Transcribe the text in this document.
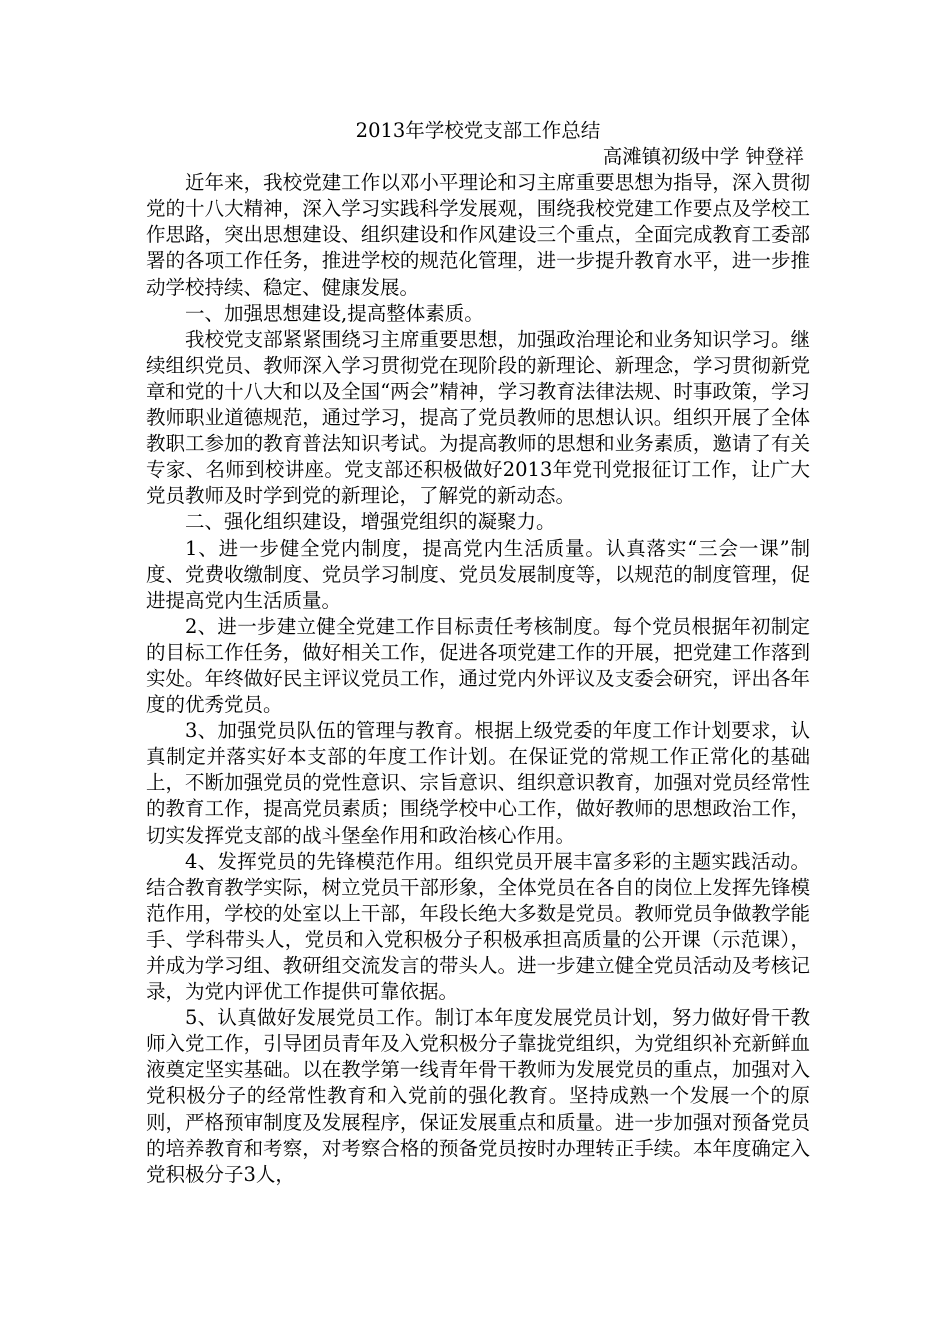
2013年学校党支部工作总结

高滩镇初级中学 钟登祥

近年来，我校党建工作以邓小平理论和习主席重要思想为指导，深入贯彻党的十八大精神，深入学习实践科学发展观，围绕我校党建工作要点及学校工作思路，突出思想建设、组织建设和作风建设三个重点，全面完成教育工委部署的各项工作任务，推进学校的规范化管理，进一步提升教育水平，进一步推动学校持续、稳定、健康发展。

一、加强思想建设,提高整体素质。

我校党支部紧紧围绕习主席重要思想，加强政治理论和业务知识学习。继续组织党员、教师深入学习贯彻党在现阶段的新理论、新理念，学习贯彻新党章和党的十八大和以及全国“两会”精神，学习教育法律法规、时事政策，学习教师职业道德规范，通过学习，提高了党员教师的思想认识。组织开展了全体教职工参加的教育普法知识考试。为提高教师的思想和业务素质，邀请了有关专家、名师到校讲座。党支部还积极做好2013年党刊党报征订工作，让广大党员教师及时学到党的新理论，了解党的新动态。

二、强化组织建设，增强党组织的凝聚力。

1、进一步健全党内制度，提高党内生活质量。认真落实“三会一课”制度、党费收缴制度、党员学习制度、党员发展制度等，以规范的制度管理，促进提高党内生活质量。

2、进一步建立健全党建工作目标责任考核制度。每个党员根据年初制定的目标工作任务，做好相关工作，促进各项党建工作的开展，把党建工作落到实处。年终做好民主评议党员工作，通过党内外评议及支委会研究，评出各年度的优秀党员。

3、加强党员队伍的管理与教育。根据上级党委的年度工作计划要求，认真制定并落实好本支部的年度工作计划。在保证党的常规工作正常化的基础上，不断加强党员的党性意识、宗旨意识、组织意识教育，加强对党员经常性的教育工作，提高党员素质；围绕学校中心工作，做好教师的思想政治工作，切实发挥党支部的战斗堡垒作用和政治核心作用。

4、发挥党员的先锋模范作用。组织党员开展丰富多彩的主题实践活动。结合教育教学实际，树立党员干部形象，全体党员在各自的岗位上发挥先锋模范作用，学校的处室以上干部，年段长绝大多数是党员。教师党员争做教学能手、学科带头人，党员和入党积极分子积极承担高质量的公开课（示范课），并成为学习组、教研组交流发言的带头人。进一步建立健全党员活动及考核记录，为党内评优工作提供可靠依据。

5、认真做好发展党员工作。制订本年度发展党员计划，努力做好骨干教师入党工作，引导团员青年及入党积极分子靠拢党组织，为党组织补充新鲜血液奠定坚实基础。以在教学第一线青年骨干教师为发展党员的重点，加强对入党积极分子的经常性教育和入党前的强化教育。坚持成熟一个发展一个的原则，严格预审制度及发展程序，保证发展重点和质量。进一步加强对预备党员的培养教育和考察，对考察合格的预备党员按时办理转正手续。本年度确定入党积极分子3人，
